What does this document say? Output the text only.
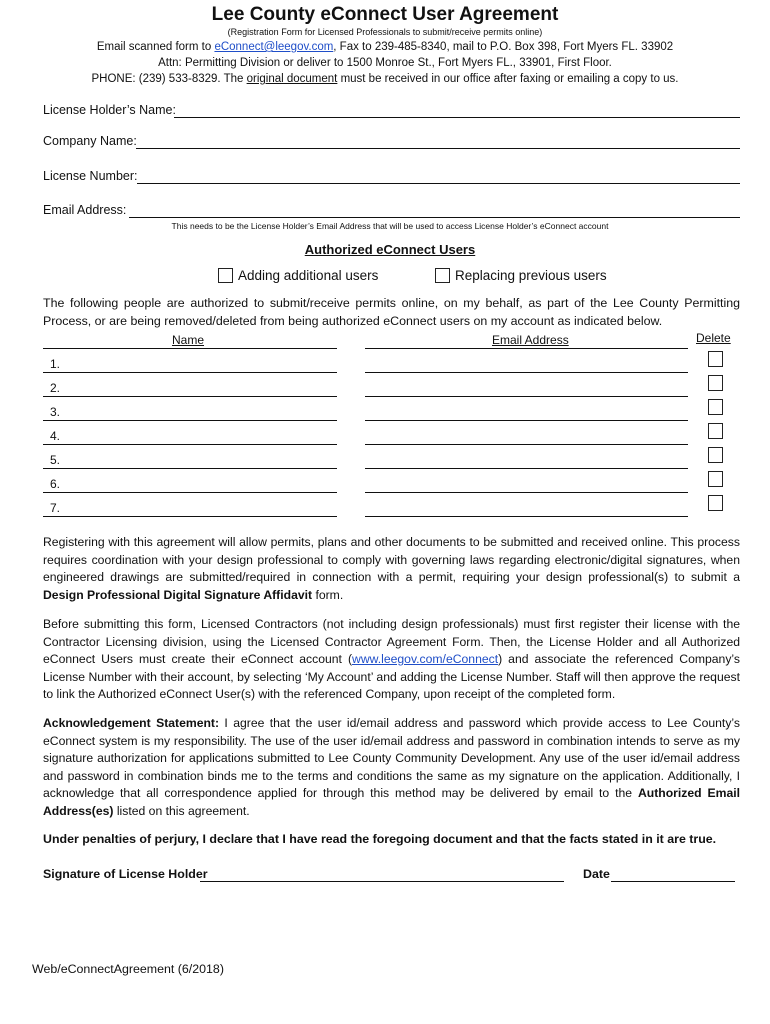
Lee County eConnect User Agreement
(Registration Form for Licensed Professionals to submit/receive permits online)
Email scanned form to eConnect@leegov.com, Fax to 239-485-8340, mail to P.O. Box 398, Fort Myers FL. 33902
Attn: Permitting Division or deliver to 1500 Monroe St., Fort Myers FL., 33901, First Floor.
PHONE: (239) 533-8329. The original document must be received in our office after faxing or emailing a copy to us.
License Holder’s Name:
Company Name:
License Number:
Email Address:
This needs to be the License Holder’s Email Address that will be used to access License Holder’s eConnect account
Authorized eConnect Users
Adding additional users	Replacing previous users

The following people are authorized to submit/receive permits online, on my behalf, as part of the Lee County Permitting Process, or are being removed/deleted from being authorized eConnect users on my account as indicated below.

Name	Email Address	Delete
1.
2.
3.
4.
5.
6.
7.

Registering with this agreement will allow permits, plans and other documents to be submitted and received online. This process requires coordination with your design professional to comply with governing laws regarding electronic/digital signatures, when engineered drawings are submitted/required in connection with a permit, requiring your design professional(s) to submit a Design Professional Digital Signature Affidavit form.

Before submitting this form, Licensed Contractors (not including design professionals) must first register their license with the Contractor Licensing division, using the Licensed Contractor Agreement Form. Then, the License Holder and all Authorized eConnect Users must create their eConnect account (www.leegov.com/eConnect) and associate the referenced Company’s License Number with their account, by selecting ‘My Account’ and adding the License Number. Staff will then approve the request to link the Authorized eConnect User(s) with the referenced Company, upon receipt of the completed form.

Acknowledgement Statement: I agree that the user id/email address and password which provide access to Lee County’s eConnect system is my responsibility. The use of the user id/email address and password in combination intends to serve as my signature authorization for applications submitted to Lee County Community Development. Any use of the user id/email address and password in combination binds me to the terms and conditions the same as my signature on the application. Additionally, I acknowledge that all correspondence applied for through this method may be delivered by email to the Authorized Email Address(es) listed on this agreement.

Under penalties of perjury, I declare that I have read the foregoing document and that the facts stated in it are true.
Signature of License Holder	Date
Web/eConnectAgreement (6/2018)
